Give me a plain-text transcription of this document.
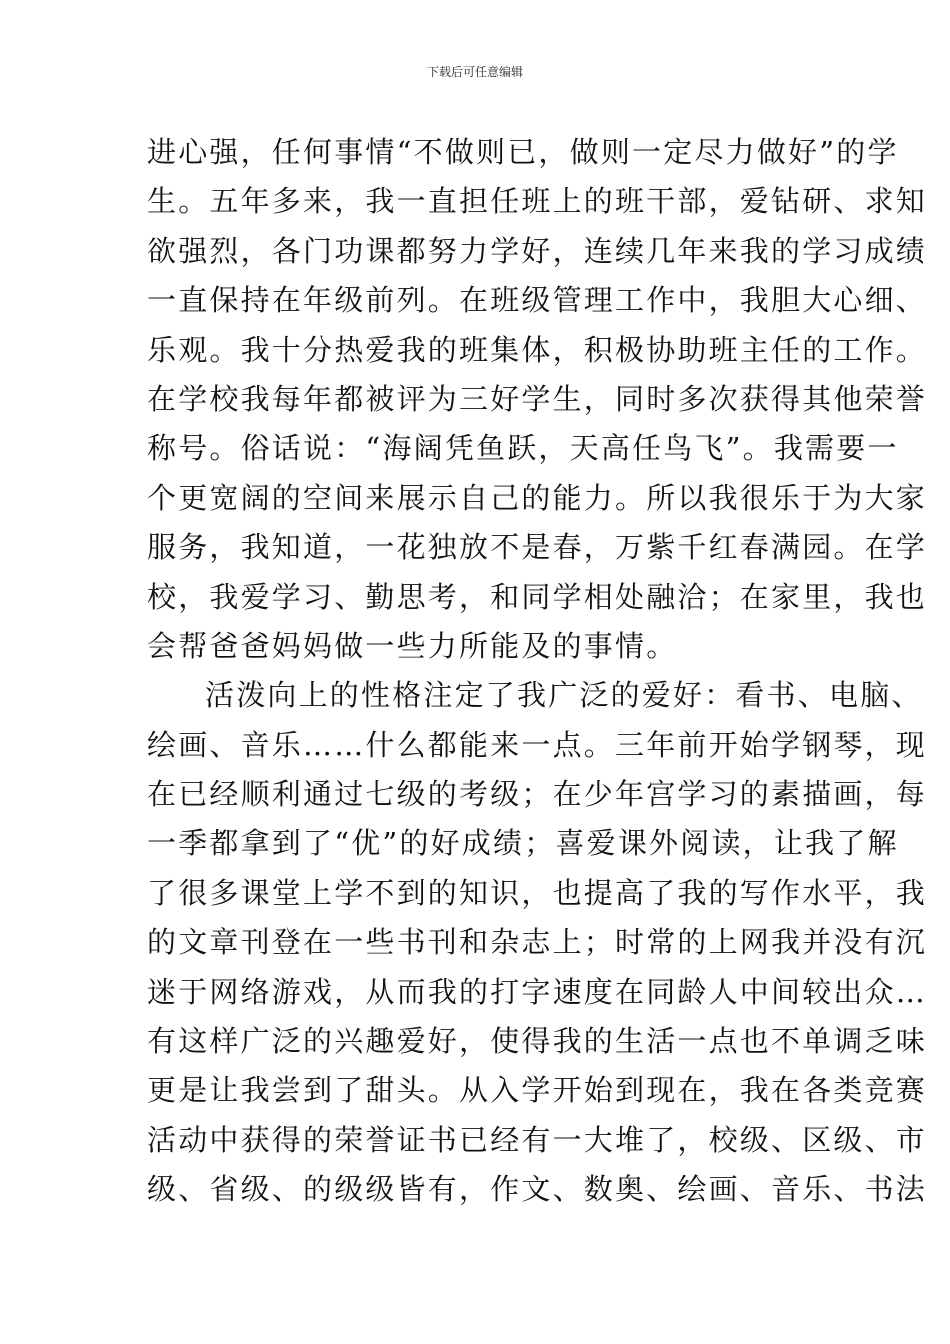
下载后可任意编辑
进心强，任何事情“不做则已，做则一定尽力做好”的学
生。五年多来，我一直担任班上的班干部，爱钻研、求知
欲强烈，各门功课都努力学好，连续几年来我的学习成绩
一直保持在年级前列。在班级管理工作中，我胆大心细、
乐观。我十分热爱我的班集体，积极协助班主任的工作。
在学校我每年都被评为三好学生，同时多次获得其他荣誉
称号。俗话说：“海阔凭鱼跃，天高任鸟飞”。我需要一
个更宽阔的空间来展示自己的能力。所以我很乐于为大家
服务，我知道，一花独放不是春，万紫千红春满园。在学
校，我爱学习、勤思考，和同学相处融洽；在家里，我也
会帮爸爸妈妈做一些力所能及的事情。
活泼向上的性格注定了我广泛的爱好：看书、电脑、
绘画、音乐……什么都能来一点。三年前开始学钢琴，现
在已经顺利通过七级的考级；在少年宫学习的素描画，每
一季都拿到了“优”的好成绩；喜爱课外阅读，让我了解
了很多课堂上学不到的知识，也提高了我的写作水平，我
的文章刊登在一些书刊和杂志上；时常的上网我并没有沉
迷于网络游戏，从而我的打字速度在同龄人中间较出众…
有这样广泛的兴趣爱好，使得我的生活一点也不单调乏味
更是让我尝到了甜头。从入学开始到现在，我在各类竞赛
活动中获得的荣誉证书已经有一大堆了，校级、区级、市
级、省级、的级级皆有，作文、数奥、绘画、音乐、书法
